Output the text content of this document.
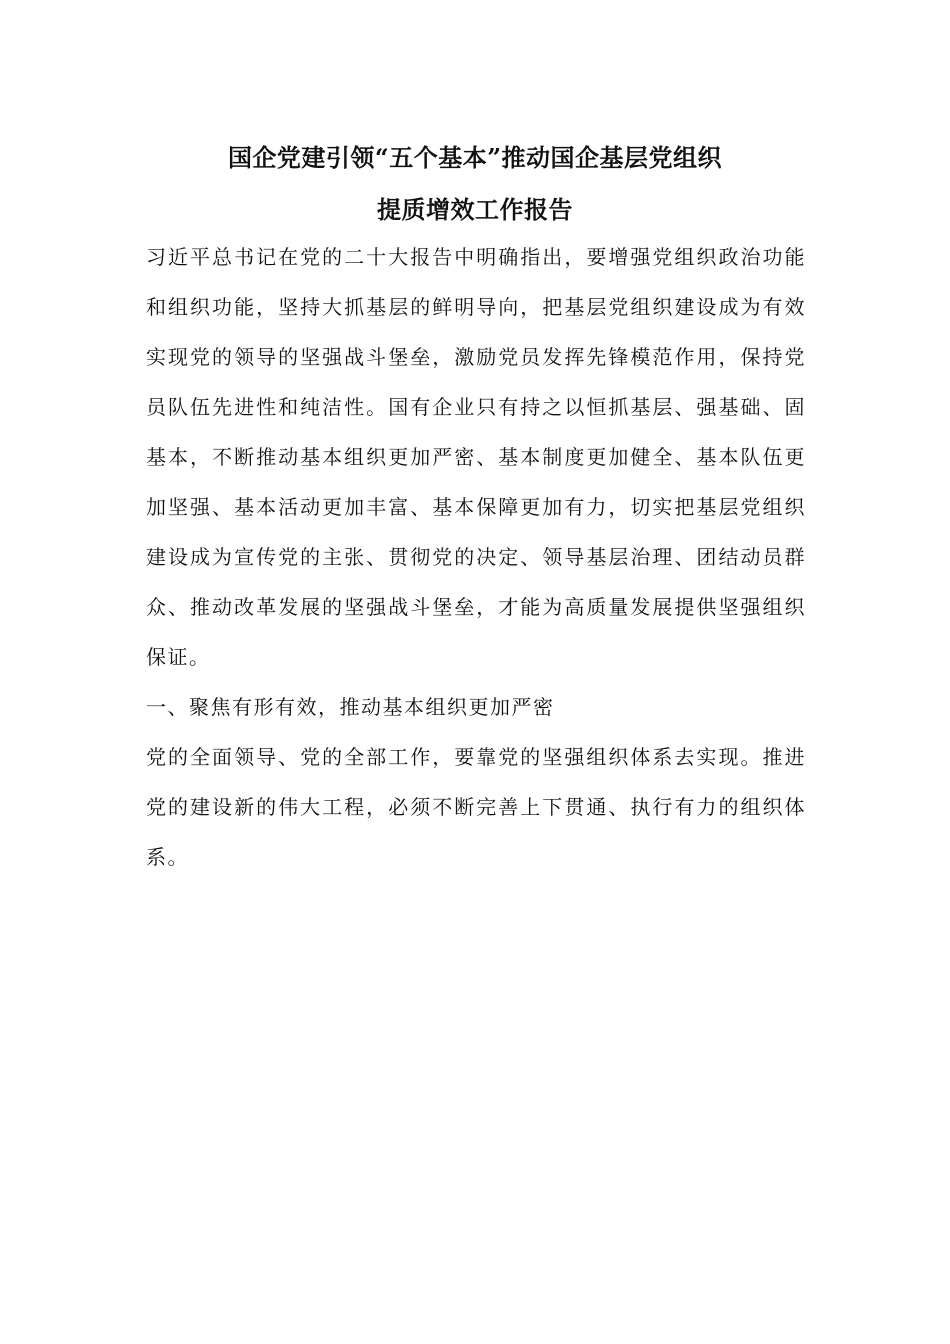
国企党建引领“五个基本”推动国企基层党组织
提质增效工作报告

习近平总书记在党的二十大报告中明确指出，要增强党组织政治功能和组织功能，坚持大抓基层的鲜明导向，把基层党组织建设成为有效实现党的领导的坚强战斗堡垒，激励党员发挥先锋模范作用，保持党员队伍先进性和纯洁性。国有企业只有持之以恒抓基层、强基础、固基本，不断推动基本组织更加严密、基本制度更加健全、基本队伍更加坚强、基本活动更加丰富、基本保障更加有力，切实把基层党组织建设成为宣传党的主张、贯彻党的决定、领导基层治理、团结动员群众、推动改革发展的坚强战斗堡垒，才能为高质量发展提供坚强组织保证。

一、聚焦有形有效，推动基本组织更加严密

党的全面领导、党的全部工作，要靠党的坚强组织体系去实现。推进党的建设新的伟大工程，必须不断完善上下贯通、执行有力的组织体系。
